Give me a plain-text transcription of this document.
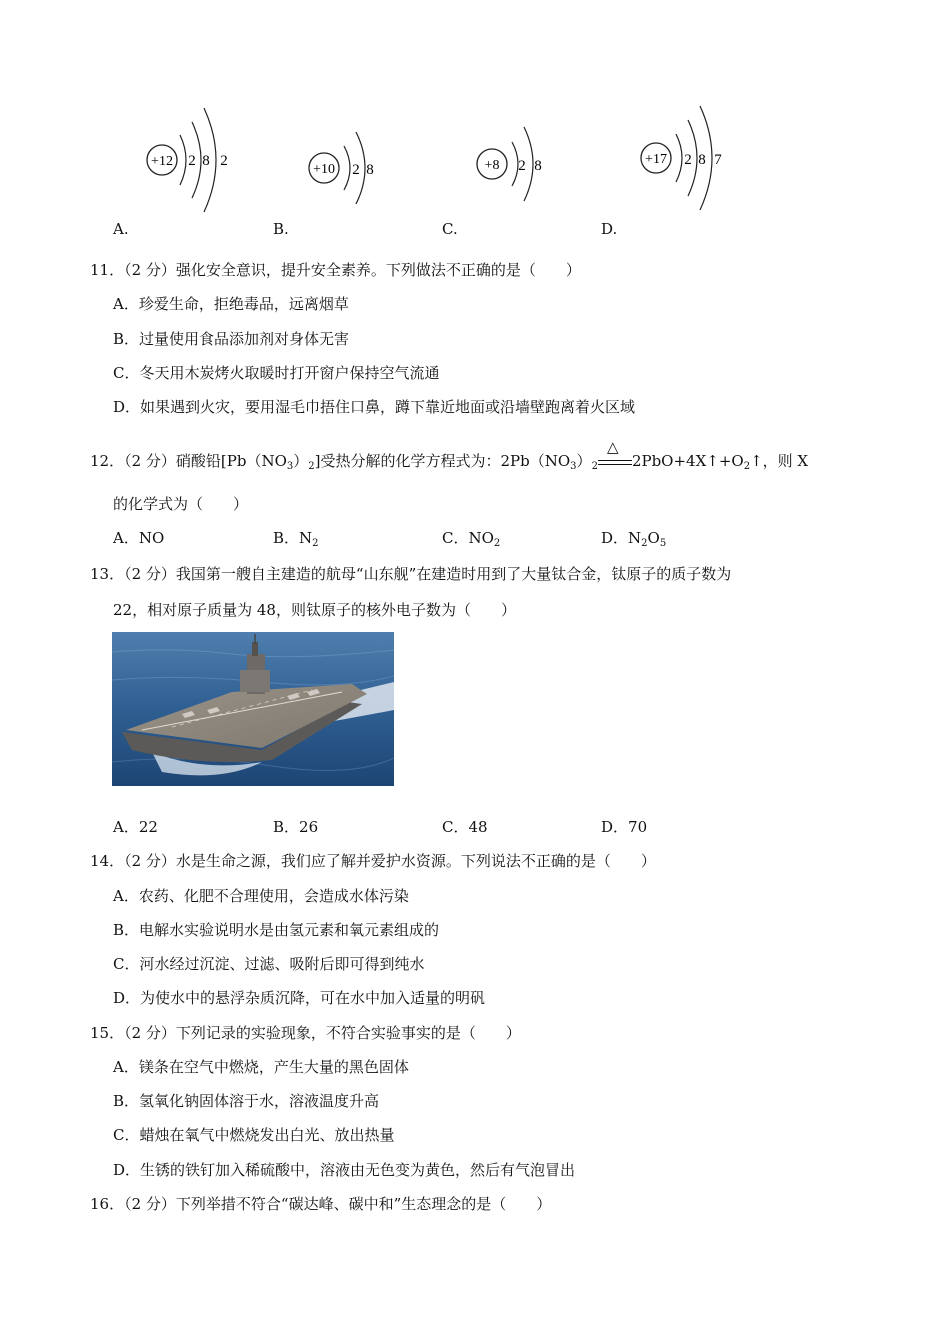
+12 2 8 2
+10 2 8	+8 2 8	+17 2 8 7
A.	B.	C.	D.
11．（2 分）强化安全意识，提升安全素养。下列做法不正确的是（　　）
A．珍爱生命，拒绝毒品，远离烟草
B．过量使用食品添加剂对身体无害
C．冬天用木炭烤火取暖时打开窗户保持空气流通
D．如果遇到火灾，要用湿毛巾捂住口鼻，蹲下靠近地面或沿墙壁跑离着火区域
12．（2 分）硝酸铅$[Pb(NO_3)_2]$受热分解的化学方程式为：$2Pb(NO_3)_2$
△
$2PbO+4X↑+O_2↑$，则 X
的化学式为（　　）
A．NO	B．$N_2$	C．$NO_2$	D．$N_2O_5$
13．（2 分）我国第一艘自主建造的航母“山东舰”在建造时用到了大量钛合金，钛原子的质子数为
22，相对原子质量为 48，则钛原子的核外电子数为（　　）
A．22	B．26	C．48	D．70
14．（2 分）水是生命之源，我们应了解并爱护水资源。下列说法不正确的是（　　）
A．农药、化肥不合理使用，会造成水体污染
B．电解水实验说明水是由氢元素和氧元素组成的
C．河水经过沉淀、过滤、吸附后即可得到纯水
D．为使水中的悬浮杂质沉降，可在水中加入适量的明矾
15．（2 分）下列记录的实验现象，不符合实验事实的是（　　）
A．镁条在空气中燃烧，产生大量的黑色固体
B．氢氧化钠固体溶于水，溶液温度升高
C．蜡烛在氧气中燃烧发出白光、放出热量
D．生锈的铁钉加入稀硫酸中，溶液由无色变为黄色，然后有气泡冒出
16．（2 分）下列举措不符合“碳达峰、碳中和”生态理念的是（　　）
